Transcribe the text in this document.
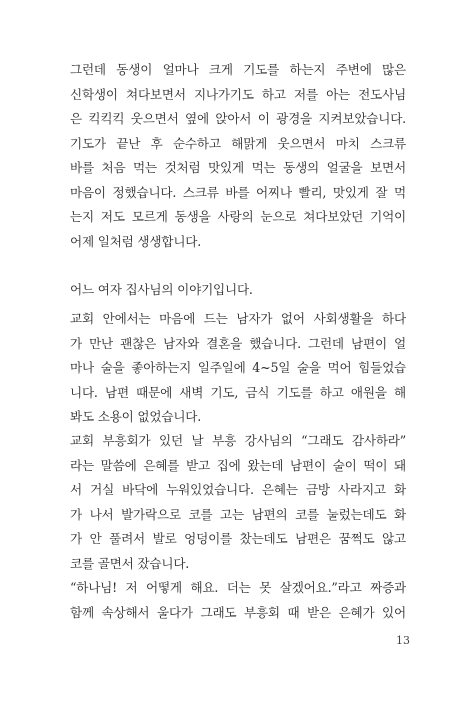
그런데 동생이 얼마나 크게 기도를 하는지 주변에 많은
신학생이 쳐다보면서 지나가기도 하고 저를 아는 전도사님
은 킥킥킥 웃으면서 옆에 앉아서 이 광경을 지켜보았습니다.
기도가 끝난 후 순수하고 해맑게 웃으면서 마치 스크류
바를 처음 먹는 것처럼 맛있게 먹는 동생의 얼굴을 보면서
마음이 정했습니다. 스크류 바를 어찌나 빨리, 맛있게 잘 먹
는지 저도 모르게 동생을 사랑의 눈으로 쳐다보았던 기억이
어제 일처럼 생생합니다.
어느 여자 집사님의 이야기입니다.
교회 안에서는 마음에 드는 남자가 없어 사회생활을 하다
가 만난 괜찮은 남자와 결혼을 했습니다. 그런데 남편이 얼
마나 술을 좋아하는지 일주일에 4~5일 술을 먹어 힘들었습
니다. 남편 때문에 새벽 기도, 금식 기도를 하고 애원을 해
봐도 소용이 없었습니다.
교회 부흥회가 있던 날 부흥 강사님의 “그래도 감사하라”
라는 말씀에 은혜를 받고 집에 왔는데 남편이 술이 떡이 돼
서 거실 바닥에 누워있었습니다. 은혜는 금방 사라지고 화
가 나서 발가락으로 코를 고는 남편의 코를 눌렀는데도 화
가 안 풀려서 발로 엉덩이를 찼는데도 남편은 꿈쩍도 않고
코를 골면서 잤습니다.
“하나님! 저 어떻게 해요. 더는 못 살겠어요.”라고 짜증과
함께 속상해서 울다가 그래도 부흥회 때 받은 은혜가 있어
13
